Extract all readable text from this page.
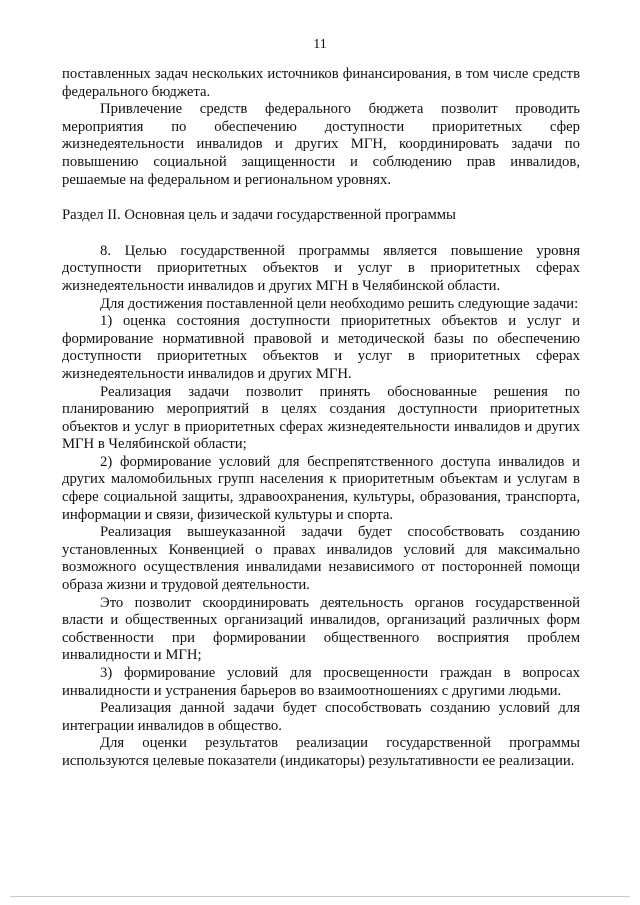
11

поставленных задач нескольких источников финансирования, в том числе средств федерального бюджета.

Привлечение средств федерального бюджета позволит проводить мероприятия по обеспечению доступности приоритетных сфер жизнедеятельности инвалидов и других МГН, координировать задачи по повышению социальной защищенности и соблюдению прав инвалидов, решаемые на федеральном и региональном уровнях.

Раздел II. Основная цель и задачи государственной программы

8. Целью государственной программы является повышение уровня доступности приоритетных объектов и услуг в приоритетных сферах жизнедеятельности инвалидов и других МГН в Челябинской области.

Для достижения поставленной цели необходимо решить следующие задачи:

1) оценка состояния доступности приоритетных объектов и услуг и формирование нормативной правовой и методической базы по обеспечению доступности приоритетных объектов и услуг в приоритетных сферах жизнедеятельности инвалидов и других МГН.

Реализация задачи позволит принять обоснованные решения по планированию мероприятий в целях создания доступности приоритетных объектов и услуг в приоритетных сферах жизнедеятельности инвалидов и других МГН в Челябинской области;

2) формирование условий для беспрепятственного доступа инвалидов и других маломобильных групп населения к приоритетным объектам и услугам в сфере социальной защиты, здравоохранения, культуры, образования, транспорта, информации и связи, физической культуры и спорта.

Реализация вышеуказанной задачи будет способствовать созданию установленных Конвенцией о правах инвалидов условий для максимально возможного осуществления инвалидами независимого от посторонней помощи образа жизни и трудовой деятельности.

Это позволит скоординировать деятельность органов государственной власти и общественных организаций инвалидов, организаций различных форм собственности при формировании общественного восприятия проблем инвалидности и МГН;

3) формирование условий для просвещенности граждан в вопросах инвалидности и устранения барьеров во взаимоотношениях с другими людьми.

Реализация данной задачи будет способствовать созданию условий для интеграции инвалидов в общество.

Для оценки результатов реализации государственной программы используются целевые показатели (индикаторы) результативности ее реализации.
